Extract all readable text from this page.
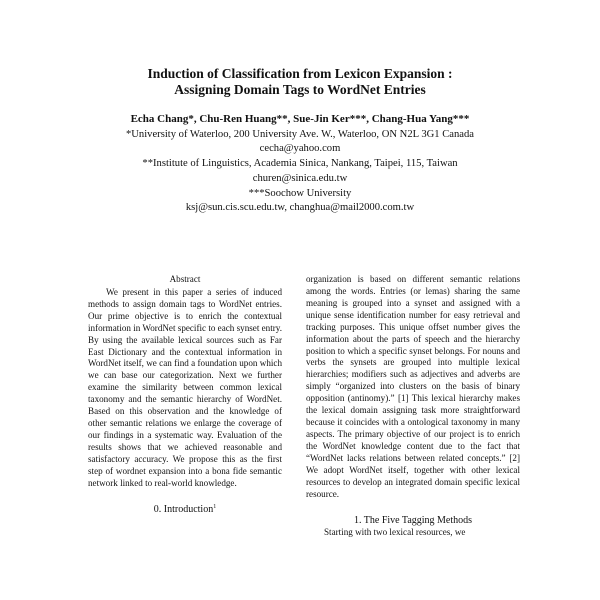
Induction of Classification from Lexicon Expansion :
Assigning Domain Tags to WordNet Entries
Echa Chang*, Chu-Ren Huang**, Sue-Jin Ker***, Chang-Hua Yang***
*University of Waterloo, 200 University Ave. W., Waterloo, ON N2L 3G1 Canada
cecha@yahoo.com
**Institute of Linguistics, Academia Sinica, Nankang, Taipei, 115, Taiwan
churen@sinica.edu.tw
***Soochow University
ksj@sun.cis.scu.edu.tw, changhua@mail2000.com.tw
Abstract

We present in this paper a series of induced methods to assign domain tags to WordNet entries. Our prime objective is to enrich the contextual information in WordNet specific to each synset entry. By using the available lexical sources such as Far East Dictionary and the contextual information in WordNet itself, we can find a foundation upon which we can base our categorization. Next we further examine the similarity between common lexical taxonomy and the semantic hierarchy of WordNet. Based on this observation and the knowledge of other semantic relations we enlarge the coverage of our findings in a systematic way. Evaluation of the results shows that we achieved reasonable and satisfactory accuracy. We propose this as the first step of wordnet expansion into a bona fide semantic network linked to real-world knowledge.

0. Introduction$^1$

organization is based on different semantic relations among the words. Entries (or lemas) sharing the same meaning is grouped into a synset and assigned with a unique sense identification number for easy retrieval and tracking purposes. This unique offset number gives the information about the parts of speech and the hierarchy position to which a specific synset belongs. For nouns and verbs the synsets are grouped into multiple lexical hierarchies; modifiers such as adjectives and adverbs are simply “organized into clusters on the basis of binary opposition (antinomy).” [1] This lexical hierarchy makes the lexical domain assigning task more straightforward because it coincides with a ontological taxonomy in many aspects. The primary objective of our project is to enrich the WordNet knowledge content due to the fact that “WordNet lacks relations between related concepts.” [2] We adopt WordNet itself, together with other lexical resources to develop an integrated domain specific lexical resource.

1. The Five Tagging Methods

Starting with two lexical resources, we
